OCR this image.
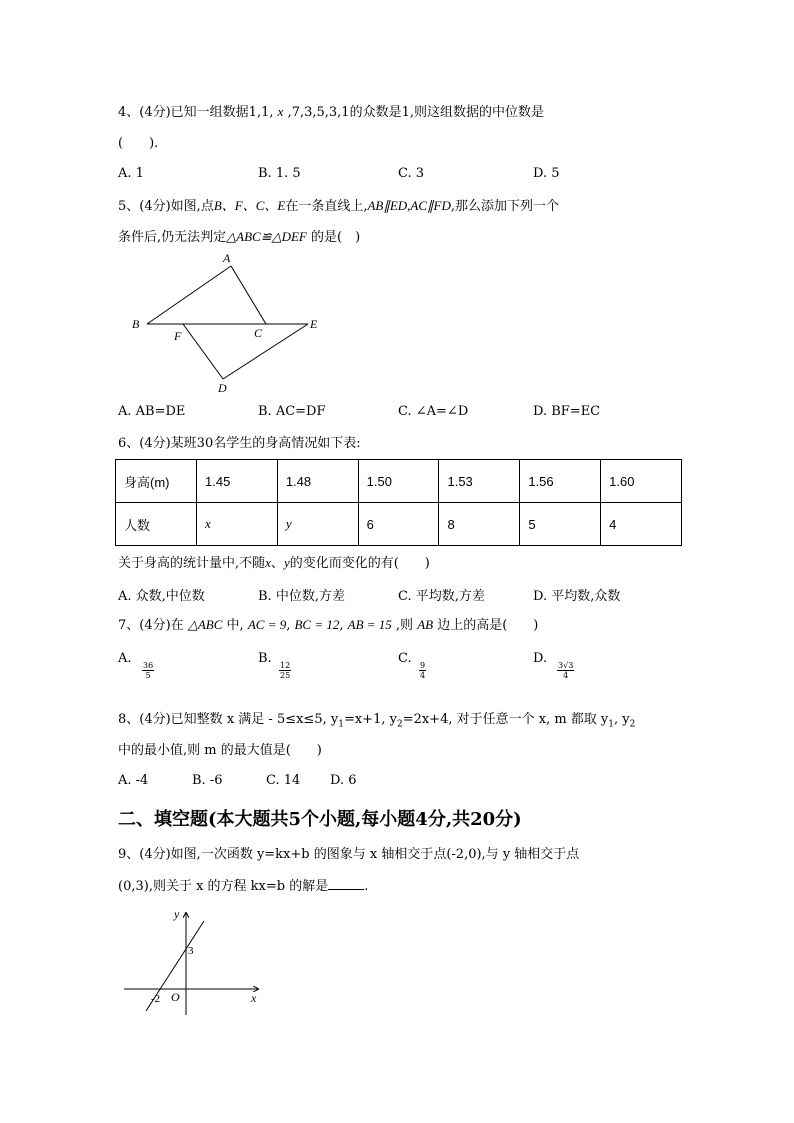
4、(4分)已知一组数据1,1, x ,7,3,5,3,1的众数是1,则这组数据的中位数是
(　　).
A. 1	B. 1. 5	C. 3	D. 5
5、(4分)如图,点B、F、C、E在一条直线上,AB∥ED,AC∥FD,那么添加下列一个
条件后,仍无法判定△ABC≌△DEF 的是(　)
A
B
F	C
E
D
A. AB=DE	B. AC=DF	C. ∠A=∠D	D. BF=EC
6、(4分)某班30名学生的身高情况如下表:
身高(m)	1.45	1.48	1.50	1.53	1.56	1.60
人数	x	y	6	8	5	4
关于身高的统计量中,不随x、y的变化而变化的有(　　)
A. 众数,中位数	B. 中位数,方差	C. 平均数,方差	D. 平均数,众数
7、(4分)在 △ABC 中, AC = 9, BC = 12, AB = 15 ,则 AB 边上的高是(　　)
A.
$\frac{36}{5}$
B.
$\frac{12}{25}$
C.
$\frac{9}{4}$
D.
$\frac{3√3}{4}$
8、(4分)已知整数 x 满足 - 5≤x≤5, $y_1=x+1$, $y_2=2x+4$, 对于任意一个 x, m 都取 $y_1$, $y_2$
中的最小值,则 m 的最大值是(　　)
A. -4	B. -6	C. 14 D. 6
二、填空题(本大题共5个小题,每小题4分,共20分)
9、(4分)如图,一次函数 y=kx+b 的图象与 x 轴相交于点(-2,0),与 y 轴相交于点
(0,3),则关于 x 的方程 kx=b 的解是	.
y
x
3
-2 O
